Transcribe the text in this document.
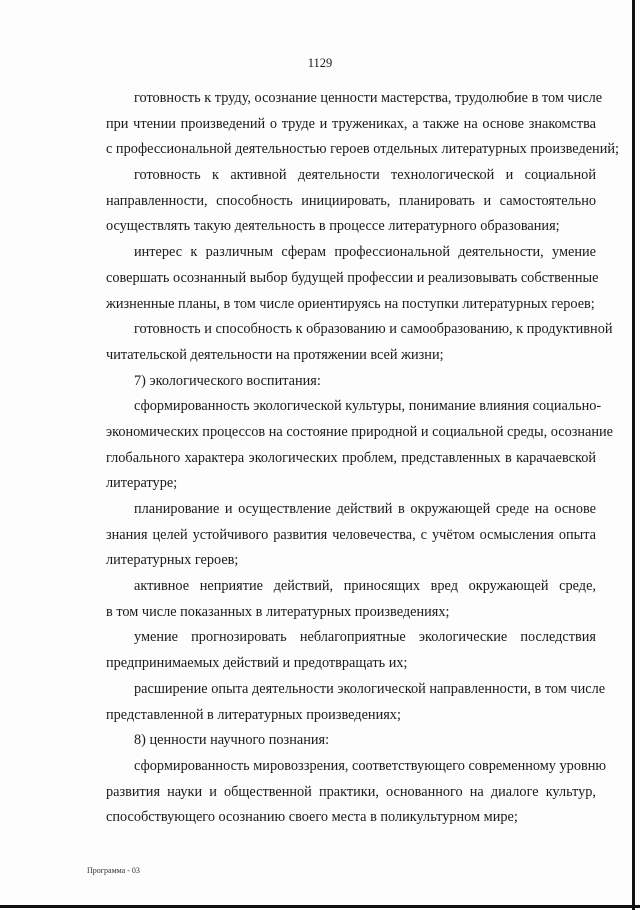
1129
готовность к труду, осознание ценности мастерства, трудолюбие в том числе
при чтении произведений о труде и тружениках, а также на основе знакомства
с профессиональной деятельностью героев отдельных литературных произведений;
готовность к активной деятельности технологической и социальной
направленности, способность инициировать, планировать и самостоятельно
осуществлять такую деятельность в процессе литературного образования;
интерес к различным сферам профессиональной деятельности, умение
совершать осознанный выбор будущей профессии и реализовывать собственные
жизненные планы, в том числе ориентируясь на поступки литературных героев;
готовность и способность к образованию и самообразованию, к продуктивной
читательской деятельности на протяжении всей жизни;
7) экологического воспитания:
сформированность экологической культуры, понимание влияния социально-
экономических процессов на состояние природной и социальной среды, осознание
глобального характера экологических проблем, представленных в карачаевской
литературе;
планирование и осуществление действий в окружающей среде на основе
знания целей устойчивого развития человечества, с учётом осмысления опыта
литературных героев;
активное неприятие действий, приносящих вред окружающей среде,
в том числе показанных в литературных произведениях;
умение прогнозировать неблагоприятные экологические последствия
предпринимаемых действий и предотвращать их;
расширение опыта деятельности экологической направленности, в том числе
представленной в литературных произведениях;
8) ценности научного познания:
сформированность мировоззрения, соответствующего современному уровню
развития науки и общественной практики, основанного на диалоге культур,
способствующего осознанию своего места в поликультурном мире;
Программа - 03
